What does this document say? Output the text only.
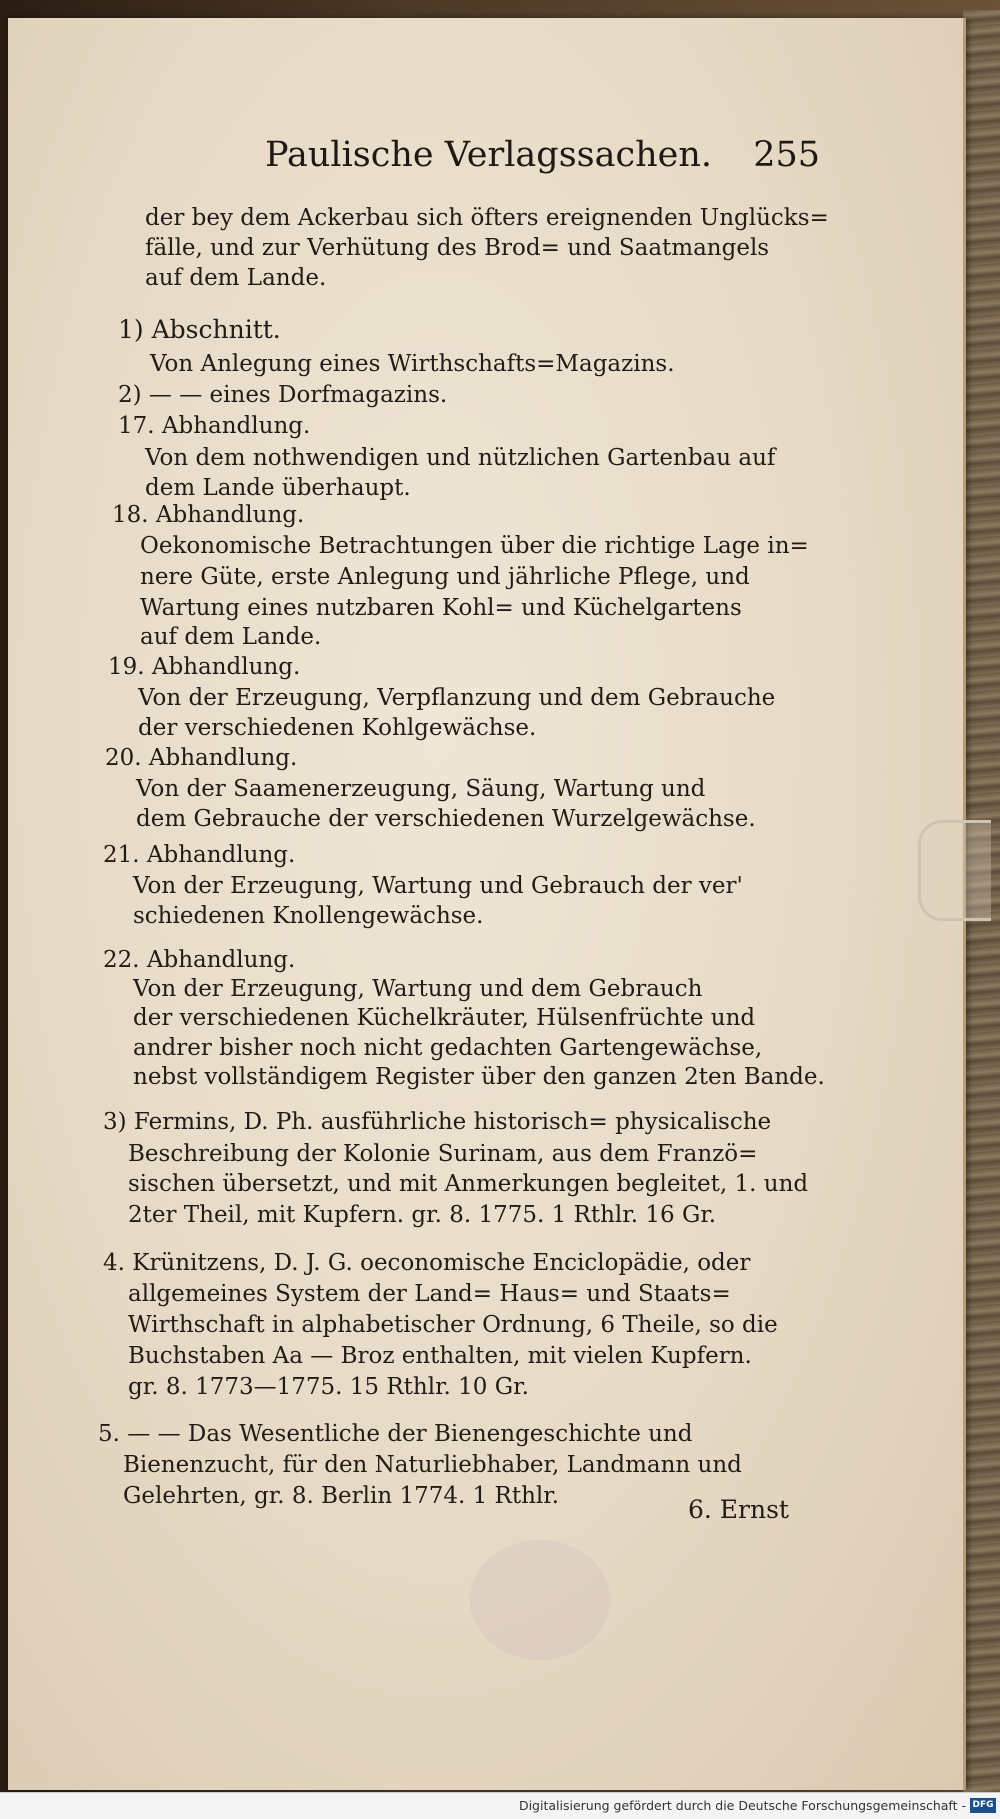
Paulische Verlagssachen. 255
der bey dem Ackerbau sich öfters ereignenden Unglücks=
fälle, und zur Verhütung des Brod= und Saatmangels
auf dem Lande.
1) Abschnitt.
Von Anlegung eines Wirthschafts=Magazins.
2) — — eines Dorfmagazins.
17. Abhandlung.
Von dem nothwendigen und nützlichen Gartenbau auf
dem Lande überhaupt.
18. Abhandlung.
Oekonomische Betrachtungen über die richtige Lage in=
nere Güte, erste Anlegung und jährliche Pflege, und
Wartung eines nutzbaren Kohl= und Küchelgartens
auf dem Lande.
19. Abhandlung.
Von der Erzeugung, Verpflanzung und dem Gebrauche
der verschiedenen Kohlgewächse.
20. Abhandlung.
Von der Saamenerzeugung, Säung, Wartung und
dem Gebrauche der verschiedenen Wurzelgewächse.
21. Abhandlung.
Von der Erzeugung, Wartung und Gebrauch der ver'
schiedenen Knollengewächse.
22. Abhandlung.
Von der Erzeugung, Wartung und dem Gebrauch
der verschiedenen Küchelkräuter, Hülsenfrüchte und
andrer bisher noch nicht gedachten Gartengewächse,
nebst vollständigem Register über den ganzen 2ten Bande.
3) Fermins, D. Ph. ausführliche historisch= physicalische
Beschreibung der Kolonie Surinam, aus dem Franzö=
sischen übersetzt, und mit Anmerkungen begleitet, 1. und
2ter Theil, mit Kupfern. gr. 8. 1775. 1 Rthlr. 16 Gr.
4. Krünitzens, D. J. G. oeconomische Enciclopädie, oder
allgemeines System der Land= Haus= und Staats=
Wirthschaft in alphabetischer Ordnung, 6 Theile, so die
Buchstaben Aa — Broz enthalten, mit vielen Kupfern.
gr. 8. 1773—1775. 15 Rthlr. 10 Gr.
5. — — Das Wesentliche der Bienengeschichte und
Bienenzucht, für den Naturliebhaber, Landmann und
Gelehrten, gr. 8. Berlin 1774. 1 Rthlr.	6. Ernst
Digitalisierung gefördert durch die Deutsche Forschungsgemeinschaft - DFG
